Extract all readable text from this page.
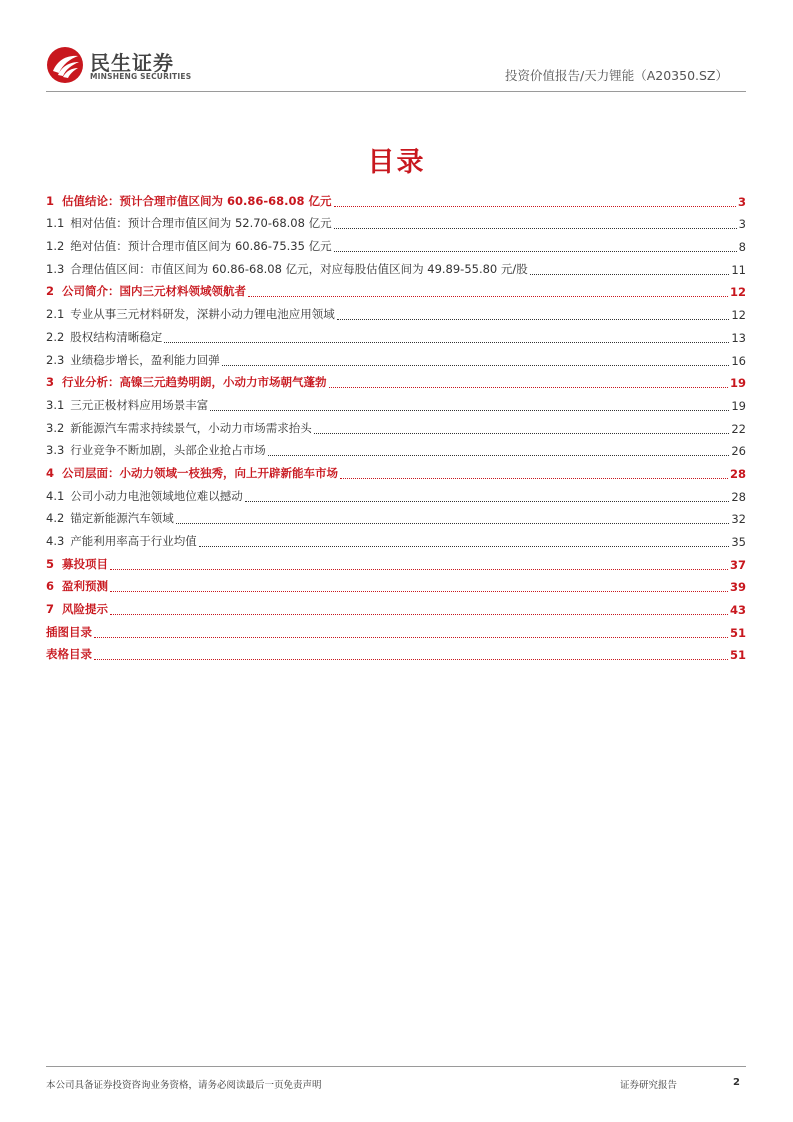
民生证券
MINSHENG SECURITIES	投资价值报告/天力锂能（A20350.SZ）
目录
1 估值结论：预计合理市值区间为 60.86-68.08 亿元	3
1.1 相对估值：预计合理市值区间为 52.70-68.08 亿元	3
1.2 绝对估值：预计合理市值区间为 60.86-75.35 亿元	8
1.3 合理估值区间：市值区间为 60.86-68.08 亿元，对应每股估值区间为 49.89-55.80 元/股	11
2 公司简介：国内三元材料领域领航者	12
2.1 专业从事三元材料研发，深耕小动力锂电池应用领域	12
2.2 股权结构清晰稳定	13
2.3 业绩稳步增长，盈利能力回弹	16
3 行业分析：高镍三元趋势明朗，小动力市场朝气蓬勃	19
3.1 三元正极材料应用场景丰富	19
3.2 新能源汽车需求持续景气，小动力市场需求抬头	22
3.3 行业竞争不断加剧，头部企业抢占市场	26
4 公司层面：小动力领域一枝独秀，向上开辟新能车市场	28
4.1 公司小动力电池领域地位难以撼动	28
4.2 锚定新能源汽车领域	32
4.3 产能利用率高于行业均值	35
5 募投项目	37
6 盈利预测	39
7 风险提示	43
插图目录	51
表格目录	51
本公司具备证券投资咨询业务资格，请务必阅读最后一页免责声明	证券研究报告	2
